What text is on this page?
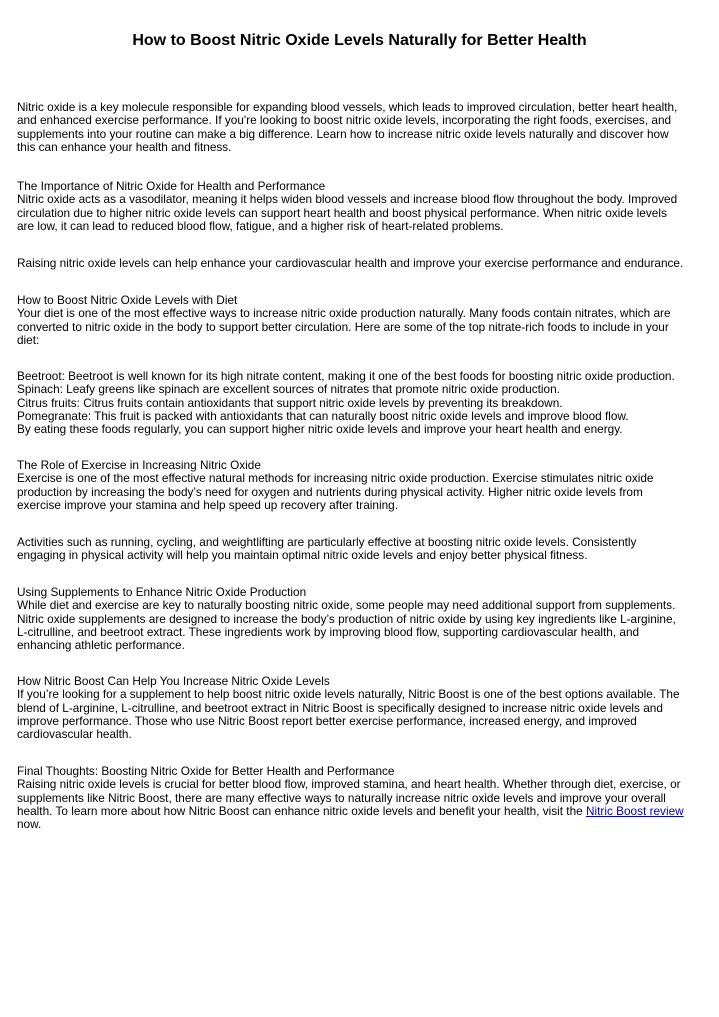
How to Boost Nitric Oxide Levels Naturally for Better Health
Nitric oxide is a key molecule responsible for expanding blood vessels, which leads to improved circulation, better heart health,
and enhanced exercise performance. If you're looking to boost nitric oxide levels, incorporating the right foods, exercises, and
supplements into your routine can make a big difference. Learn how to increase nitric oxide levels naturally and discover how
this can enhance your health and fitness.
The Importance of Nitric Oxide for Health and Performance
Nitric oxide acts as a vasodilator, meaning it helps widen blood vessels and increase blood flow throughout the body. Improved
circulation due to higher nitric oxide levels can support heart health and boost physical performance. When nitric oxide levels
are low, it can lead to reduced blood flow, fatigue, and a higher risk of heart-related problems.
Raising nitric oxide levels can help enhance your cardiovascular health and improve your exercise performance and endurance.
How to Boost Nitric Oxide Levels with Diet
Your diet is one of the most effective ways to increase nitric oxide production naturally. Many foods contain nitrates, which are
converted to nitric oxide in the body to support better circulation. Here are some of the top nitrate-rich foods to include in your
diet:
Beetroot: Beetroot is well known for its high nitrate content, making it one of the best foods for boosting nitric oxide production.
Spinach: Leafy greens like spinach are excellent sources of nitrates that promote nitric oxide production.
Citrus fruits: Citrus fruits contain antioxidants that support nitric oxide levels by preventing its breakdown.
Pomegranate: This fruit is packed with antioxidants that can naturally boost nitric oxide levels and improve blood flow.
By eating these foods regularly, you can support higher nitric oxide levels and improve your heart health and energy.
The Role of Exercise in Increasing Nitric Oxide
Exercise is one of the most effective natural methods for increasing nitric oxide production. Exercise stimulates nitric oxide
production by increasing the body’s need for oxygen and nutrients during physical activity. Higher nitric oxide levels from
exercise improve your stamina and help speed up recovery after training.
Activities such as running, cycling, and weightlifting are particularly effective at boosting nitric oxide levels. Consistently
engaging in physical activity will help you maintain optimal nitric oxide levels and enjoy better physical fitness.
Using Supplements to Enhance Nitric Oxide Production
While diet and exercise are key to naturally boosting nitric oxide, some people may need additional support from supplements.
Nitric oxide supplements are designed to increase the body’s production of nitric oxide by using key ingredients like L-arginine,
L-citrulline, and beetroot extract. These ingredients work by improving blood flow, supporting cardiovascular health, and
enhancing athletic performance.
How Nitric Boost Can Help You Increase Nitric Oxide Levels
If you’re looking for a supplement to help boost nitric oxide levels naturally, Nitric Boost is one of the best options available. The
blend of L-arginine, L-citrulline, and beetroot extract in Nitric Boost is specifically designed to increase nitric oxide levels and
improve performance. Those who use Nitric Boost report better exercise performance, increased energy, and improved
cardiovascular health.
Final Thoughts: Boosting Nitric Oxide for Better Health and Performance
Raising nitric oxide levels is crucial for better blood flow, improved stamina, and heart health. Whether through diet, exercise, or
supplements like Nitric Boost, there are many effective ways to naturally increase nitric oxide levels and improve your overall
health. To learn more about how Nitric Boost can enhance nitric oxide levels and benefit your health, visit the Nitric Boost review
now.
